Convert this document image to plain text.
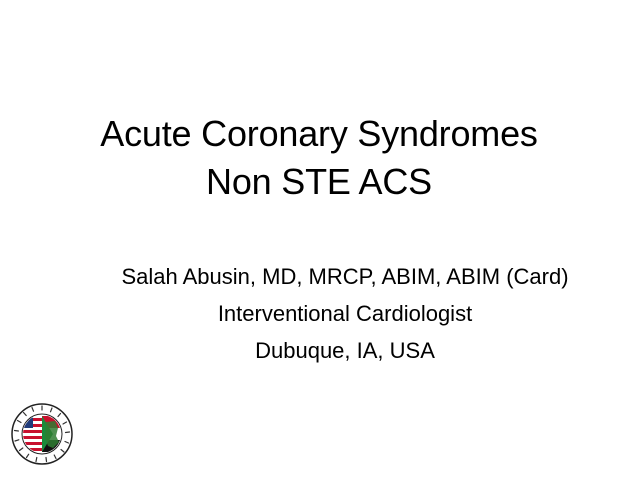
Acute Coronary Syndromes
Non STE ACS
Salah Abusin, MD, MRCP, ABIM, ABIM (Card)
Interventional Cardiologist
Dubuque, IA, USA
